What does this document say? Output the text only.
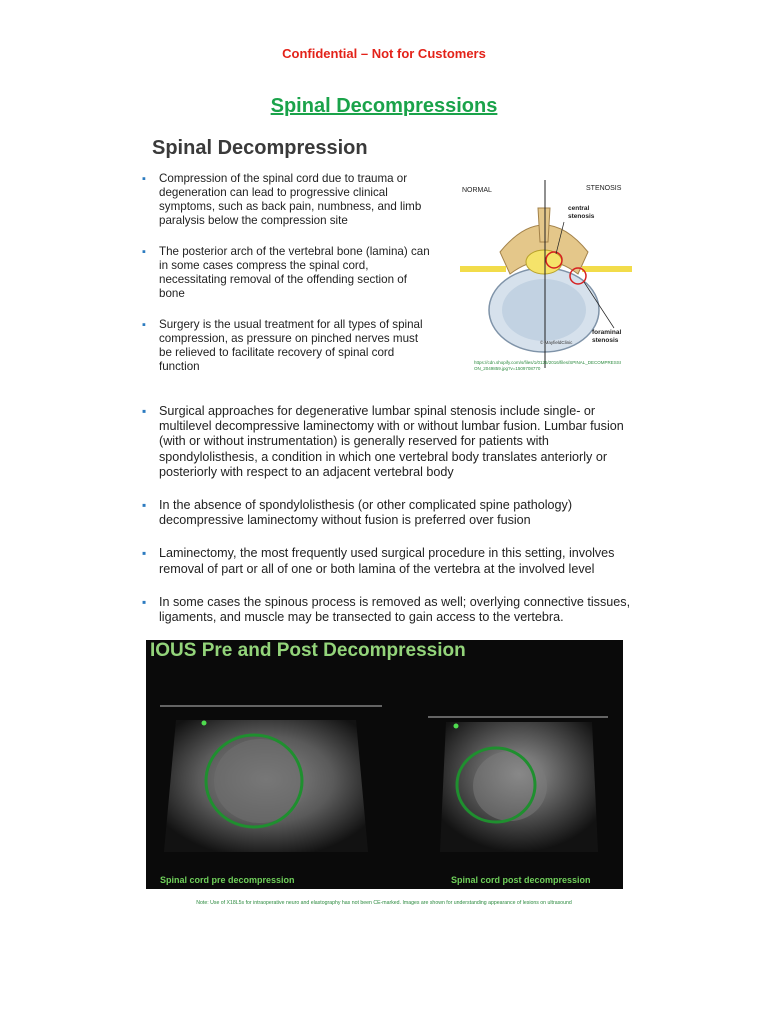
Confidential – Not for Customers
Spinal Decompressions
Spinal Decompression
▪ Compression of the spinal cord due to trauma or degeneration can lead to progressive clinical symptoms, such as back pain, numbness, and limb paralysis below the compression site
▪ The posterior arch of the vertebral bone (lamina) can in some cases compress the spinal cord, necessitating removal of the offending section of bone
▪ Surgery is the usual treatment for all types of spinal compression, as pressure on pinched nerves must be relieved to facilitate recovery of spinal cord function
NORMAL	STENOSIS
central
stenosis
foraminal
stenosis
© MayfieldClinic
https://cdn.shopify.com/s/files/1/0125/2016/files/SPINAL_DECOMPRESSION_2049859.jpg?v=1509708770
▪ Surgical approaches for degenerative lumbar spinal stenosis include single- or multilevel decompressive laminectomy with or without lumbar fusion. Lumbar fusion (with or without instrumentation) is generally reserved for patients with spondylolisthesis, a condition in which one vertebral body translates anteriorly or posteriorly with respect to an adjacent vertebral body
▪ In the absence of spondylolisthesis (or other complicated spine pathology) decompressive laminectomy without fusion is preferred over fusion
▪ Laminectomy, the most frequently used surgical procedure in this setting, involves removal of part or all of one or both lamina of the vertebra at the involved level
▪ In some cases the spinous process is removed as well; overlying connective tissues, ligaments, and muscle may be transected to gain access to the vertebra.
IOUS Pre and Post Decompression
Spinal cord pre decompression	Spinal cord post decompression
Note: Use of X18L5s for intraoperative neuro and elastography has not been CE-marked. Images are shown for understanding appearance of lesions on ultrasound
